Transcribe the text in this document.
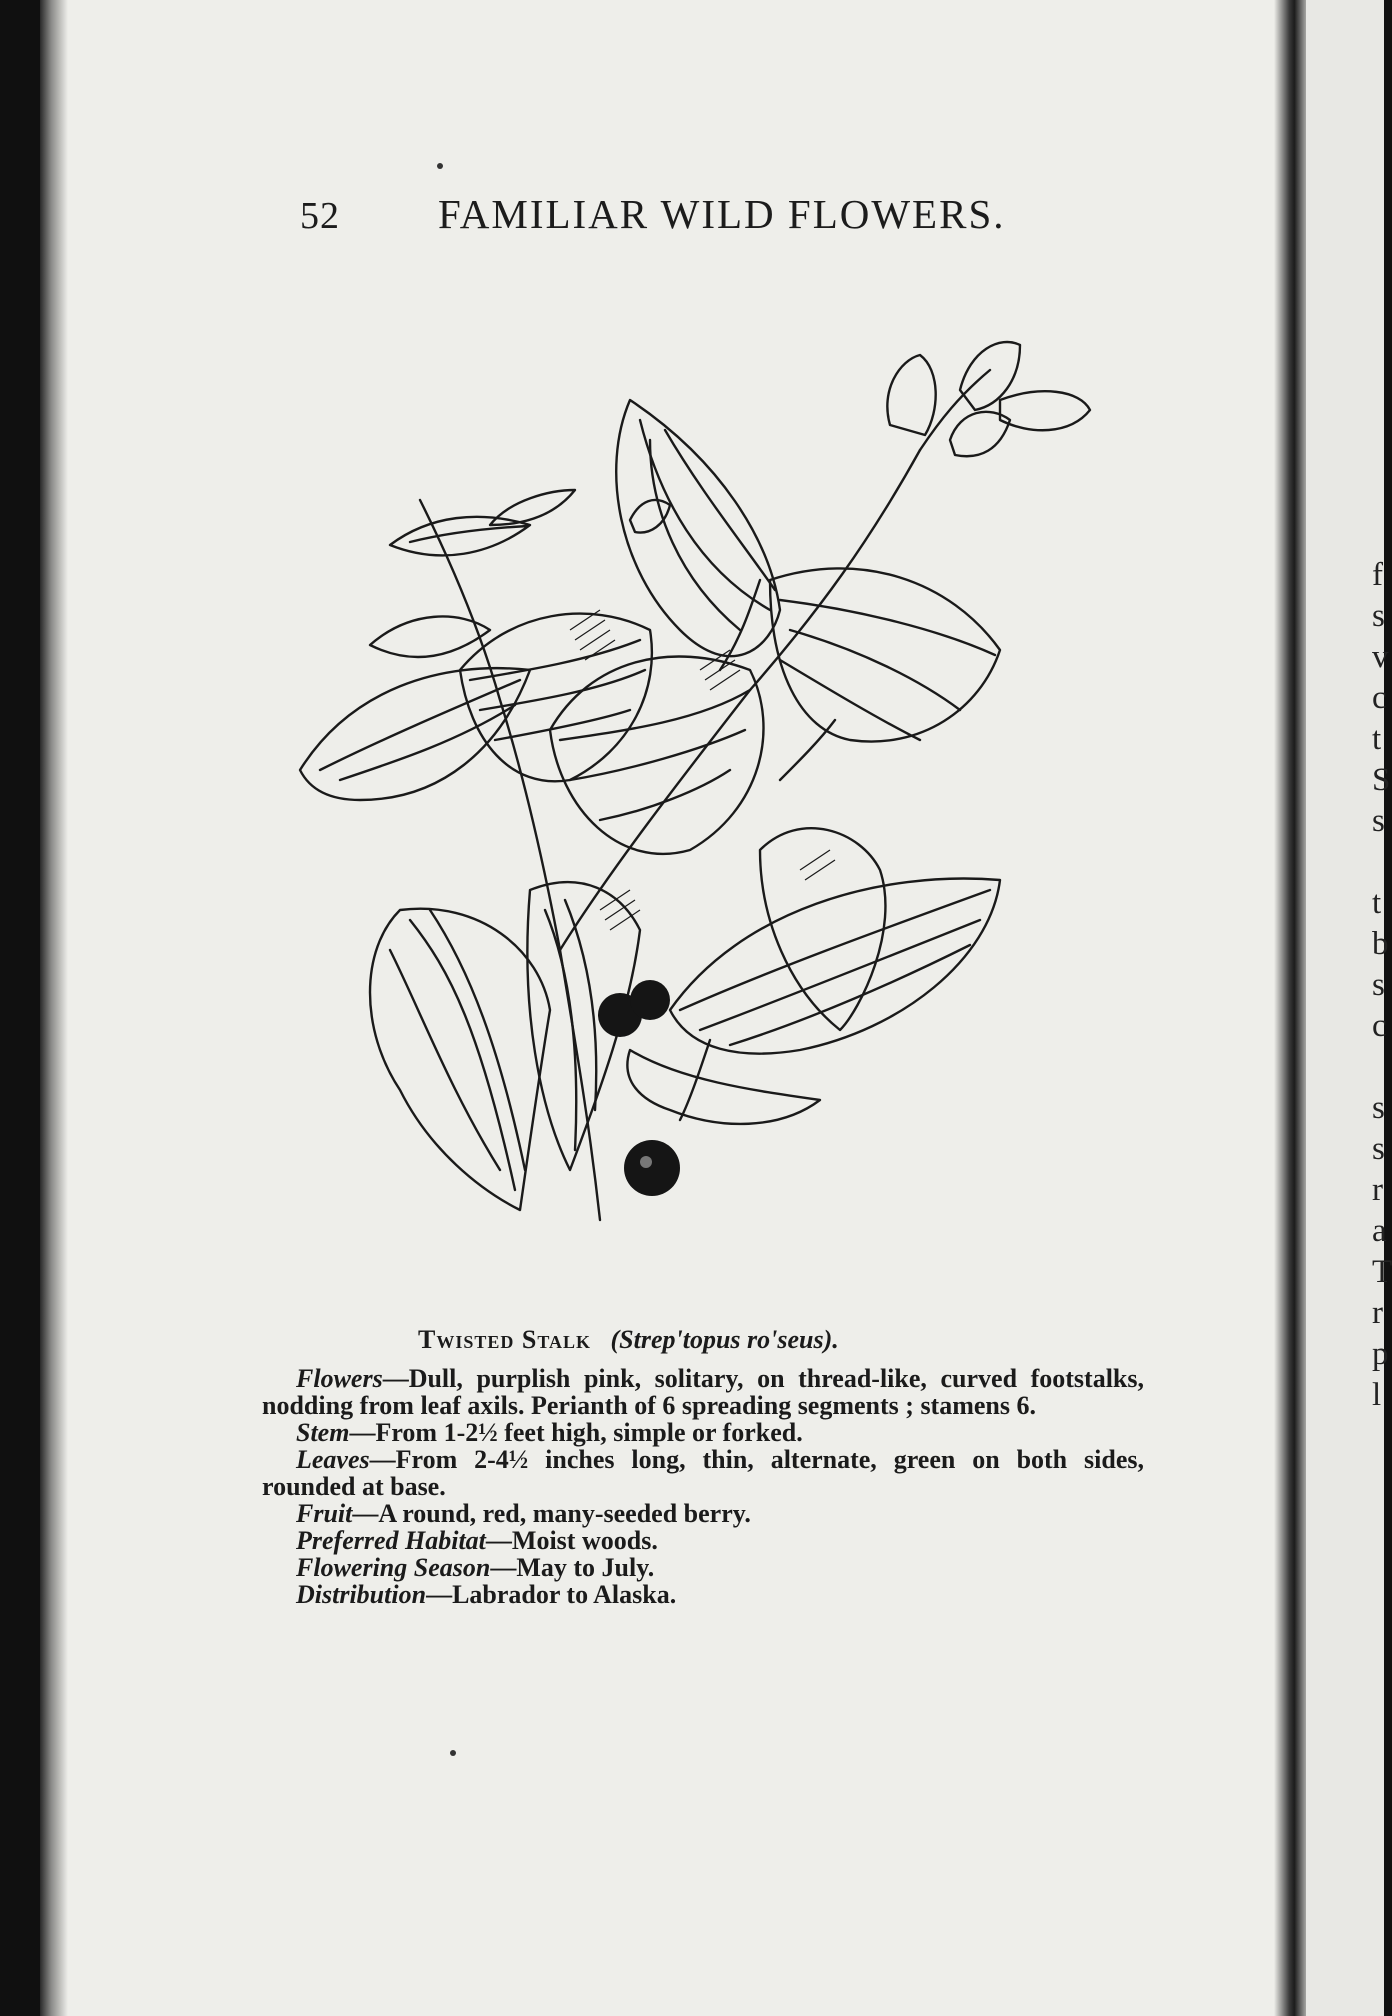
f
s
v
c
t
S
s

t
b
s
c

s
s
r
a
T
r
p
l
52	FAMILIAR WILD FLOWERS.

Twisted Stalk (Strep'topus ro'seus).

Flowers—Dull, purplish pink, solitary, on thread-like, curved footstalks, nodding from leaf axils. Perianth of 6 spreading segments ; stamens 6.

Stem—From 1-2½ feet high, simple or forked.

Leaves—From 2-4½ inches long, thin, alternate, green on both sides, rounded at base.

Fruit—A round, red, many-seeded berry.

Preferred Habitat—Moist woods.

Flowering Season—May to July.

Distribution—Labrador to Alaska.
